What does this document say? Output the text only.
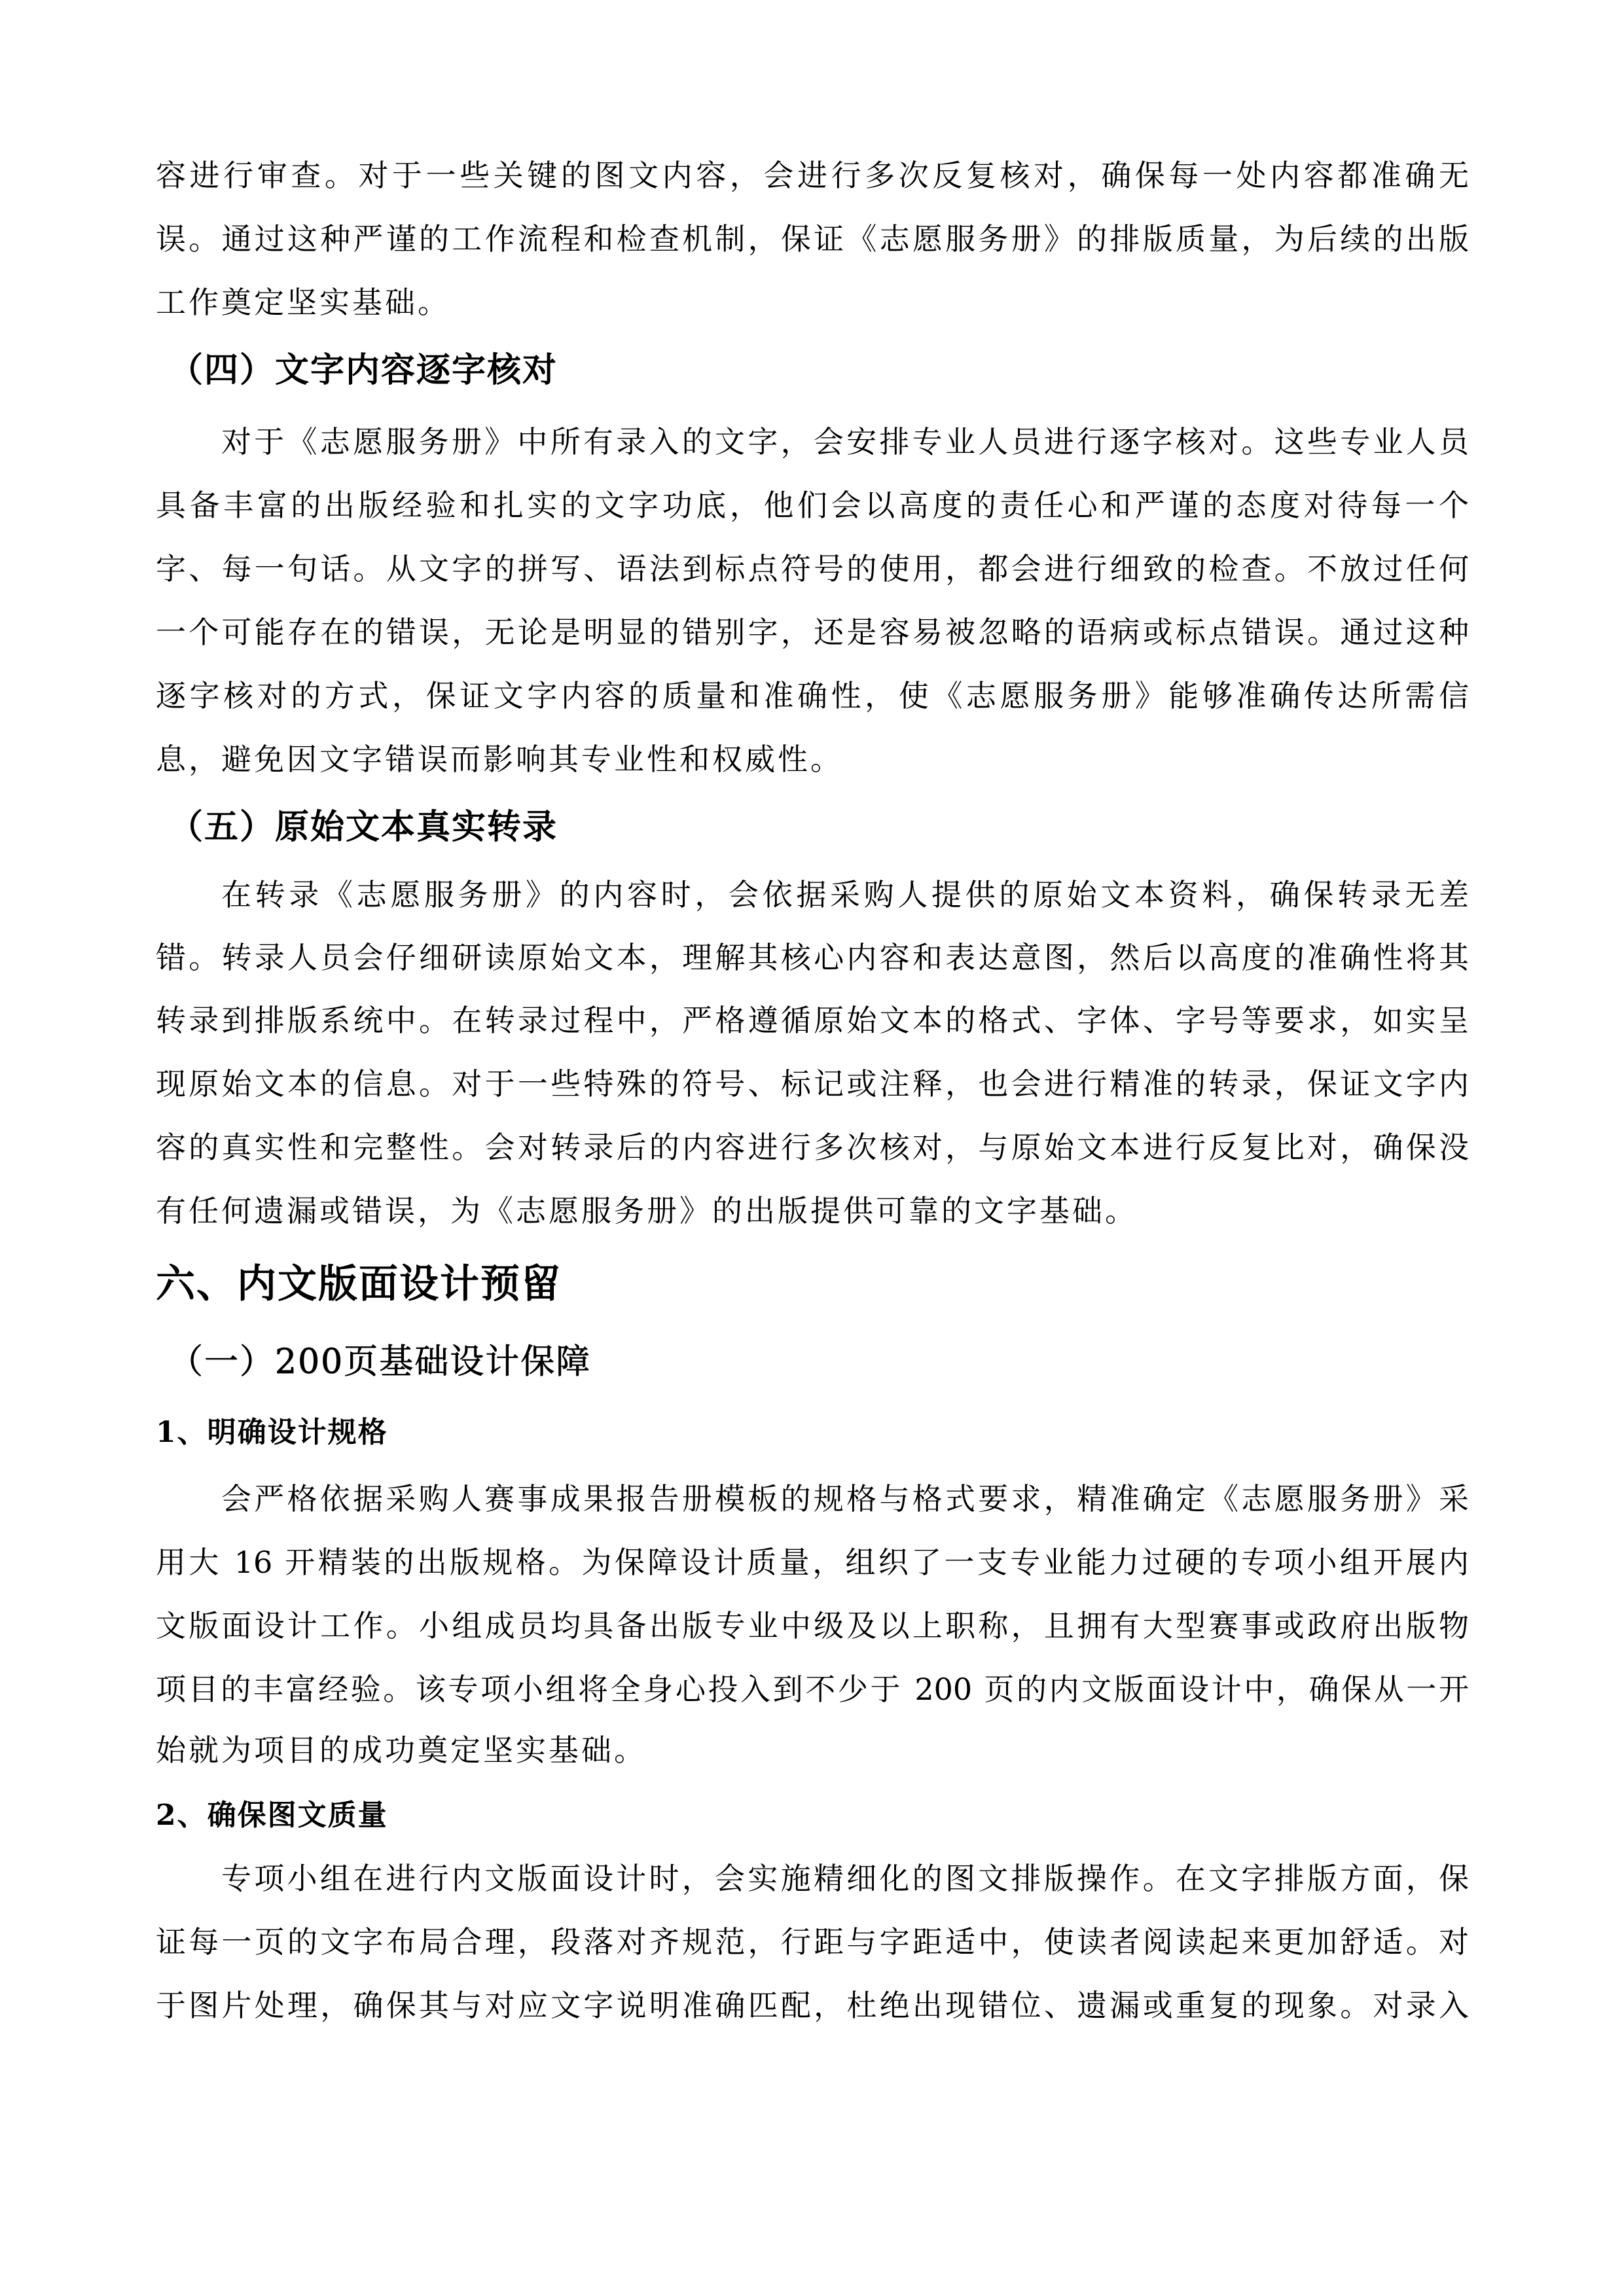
容进行审查。对于一些关键的图文内容，会进行多次反复核对，确保每一处内容都准确无
误。通过这种严谨的工作流程和检查机制，保证《志愿服务册》的排版质量，为后续的出版
工作奠定坚实基础。
（四）文字内容逐字核对
对于《志愿服务册》中所有录入的文字，会安排专业人员进行逐字核对。这些专业人员
具备丰富的出版经验和扎实的文字功底，他们会以高度的责任心和严谨的态度对待每一个
字、每一句话。从文字的拼写、语法到标点符号的使用，都会进行细致的检查。不放过任何
一个可能存在的错误，无论是明显的错别字，还是容易被忽略的语病或标点错误。通过这种
逐字核对的方式，保证文字内容的质量和准确性，使《志愿服务册》能够准确传达所需信
息，避免因文字错误而影响其专业性和权威性。
（五）原始文本真实转录
在转录《志愿服务册》的内容时，会依据采购人提供的原始文本资料，确保转录无差
错。转录人员会仔细研读原始文本，理解其核心内容和表达意图，然后以高度的准确性将其
转录到排版系统中。在转录过程中，严格遵循原始文本的格式、字体、字号等要求，如实呈
现原始文本的信息。对于一些特殊的符号、标记或注释，也会进行精准的转录，保证文字内
容的真实性和完整性。会对转录后的内容进行多次核对，与原始文本进行反复比对，确保没
有任何遗漏或错误，为《志愿服务册》的出版提供可靠的文字基础。
六、内文版面设计预留
（一）200页基础设计保障
1、明确设计规格
会严格依据采购人赛事成果报告册模板的规格与格式要求，精准确定《志愿服务册》采
用大 16 开精装的出版规格。为保障设计质量，组织了一支专业能力过硬的专项小组开展内
文版面设计工作。小组成员均具备出版专业中级及以上职称，且拥有大型赛事或政府出版物
项目的丰富经验。该专项小组将全身心投入到不少于 200 页的内文版面设计中，确保从一开
始就为项目的成功奠定坚实基础。
2、确保图文质量
专项小组在进行内文版面设计时，会实施精细化的图文排版操作。在文字排版方面，保
证每一页的文字布局合理，段落对齐规范，行距与字距适中，使读者阅读起来更加舒适。对
于图片处理，确保其与对应文字说明准确匹配，杜绝出现错位、遗漏或重复的现象。对录入
